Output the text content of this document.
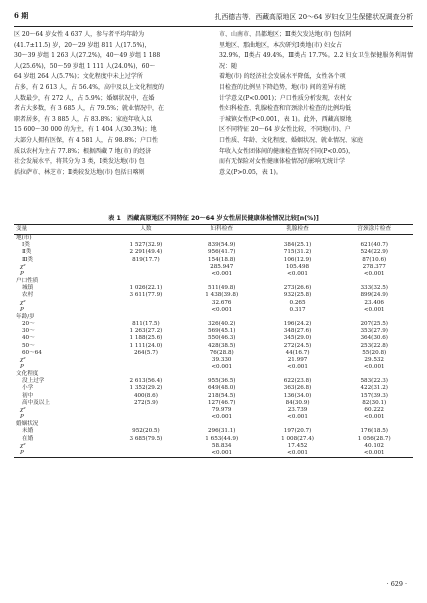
6 期	扎西德吉等．西藏高原地区 20～64 岁妇女卫生保健状况调查分析

区 20～64 岁女性 4 637 人，参与者平均年龄为

(41.7±11.5) 岁，20～29 岁组 811 人(17.5%)，

30～39 岁组 1 263 人(27.2%)，40～49 岁组 1 188

人(25.6%)，50～59 岁组 1 111 人(24.0%)，60～

64 岁组 264 人(5.7%)；文化程度中未上过学所

占多，有 2 613 人，占 56.4%，高中及以上文化程度的

人数最少，有 272 人，占 5.9%；婚姻状况中，在婚

者占大多数，有 3 685 人，占 79.5%；就业情况中，在

职者居多，有 3 885 人，占 83.8%；家庭年收入以

15 600～30 000 的为主，有 1 404 人(30.3%)；地

大部分人拥有医保，有 4 581 人，占 98.8%；户口性

质以农村为主占 77.8%；根据西藏 7 地(市) 的经济

社会发展水平，将其分为 3 类，Ⅰ类发达地(市) 包

括拉萨市、林芝市；Ⅱ类较发达地(市) 包括日喀则

市、山南市、昌都地区；Ⅲ类欠发达地(市) 包括阿

里地区、那曲地区，本次研究Ⅰ类地(市) 妇女占

32.9%，Ⅱ类占 49.4%，Ⅲ类占 17.7%。2.2 妇女卫生保健服务利用情况：随

着地(市) 的经济社会发展水平降低，女性各个项

目检查的比例呈下降趋势，地(市) 间的差异有统

计学意义(P<0.001)；户口性质分析发现，农村女

性妇科检查、乳腺检查和宫颈涂片检查的比例均低

于城镇女性(P<0.001，表 1)。此外，西藏高原地

区不同特征 20～64 岁女性比较，不同地(市)、户

口性质、年龄、文化程度、婚姻状况、就业情况、家庭

年收入女性团体间的健康检查情况不同(P<0.05)，

而有无保险对女性健康体检情况的影响无统计学

意义(P>0.05，表 1)。

表 1　西藏高原地区不同特征 20～64 岁女性居民健康体检情况比较[n(%)]
变量	人数	妇科检查	乳腺检查	宫颈涂片检查
地(市)				
Ⅰ类	1 527(32.9)	839(54.9)	384(25.1)	621(40.7)
Ⅱ类	2 291(49.4)	956(41.7)	715(31.2)	524(22.9)
Ⅲ类	819(17.7)	154(18.8)	106(12.9)	87(10.6)
χ²		285.947	105.498	278.377
P		<0.001	<0.001	<0.001
户口性质				
城镇	1 026(22.1)	511(49.8)	273(26.6)	333(32.5)
农村	3 611(77.9)	1 438(39.8)	932(25.8)	899(24.9)
χ²		32.676	0.265	23.406
P		<0.001	0.317	<0.001
年龄/岁				
20～	811(17.5)	326(40.2)	196(24.2)	207(25.5)
30～	1 263(27.2)	569(45.1)	348(27.6)	353(27.9)
40～	1 188(25.6)	550(46.3)	345(29.0)	364(30.6)
50～	1 111(24.0)	428(38.5)	272(24.5)	253(22.8)
60～64	264(5.7)	76(28.8)	44(16.7)	55(20.8)
χ²		39.330	21.997	29.532
P		<0.001	<0.001	<0.001
文化程度				
没上过学	2 613(56.4)	955(36.5)	622(23.8)	583(22.3)
小学	1 352(29.2)	649(48.0)	363(26.8)	422(31.2)
初中	400(8.6)	218(54.5)	136(34.0)	157(39.3)
高中及以上	272(5.9)	127(46.7)	84(30.9)	82(30.1)
χ²		79.979	23.739	60.222
P		<0.001	<0.001	<0.001
婚姻状况				
未婚	952(20.5)	296(31.1)	197(20.7)	176(18.5)
在婚	3 685(79.5)	1 653(44.9)	1 008(27.4)	1 056(28.7)
χ²		58.834	17.452	40.102
P		<0.001	<0.001	<0.001
· 629 ·
